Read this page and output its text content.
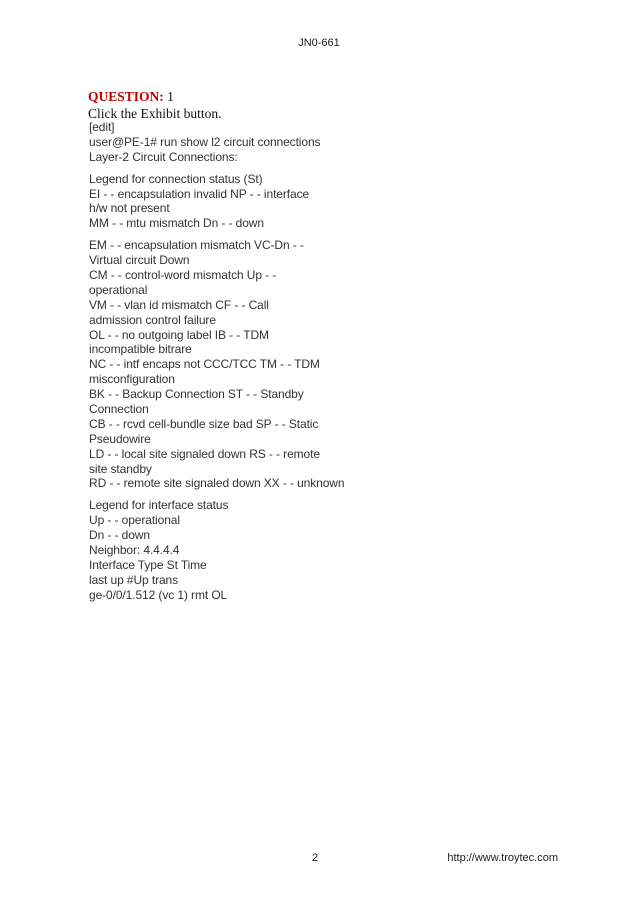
JN0-661
QUESTION: 1
Click the Exhibit button.
[edit]
user@PE-1# run show l2 circuit connections
Layer-2 Circuit Connections:
Legend for connection status (St)
EI - - encapsulation invalid NP - - interface
h/w not present
MM - - mtu mismatch Dn - - down
EM - - encapsulation mismatch VC-Dn - -
Virtual circuit Down
CM - - control-word mismatch Up - -
operational
VM - - vlan id mismatch CF - - Call
admission control failure
OL - - no outgoing label IB - - TDM
incompatible bitrare
NC - - intf encaps not CCC/TCC TM - - TDM
misconfiguration
BK - - Backup Connection ST - - Standby
Connection
CB - - rcvd cell-bundle size bad SP - - Static
Pseudowire
LD - - local site signaled down RS - - remote
site standby
RD - - remote site signaled down XX - - unknown
Legend for interface status
Up - - operational
Dn - - down
Neighbor: 4.4.4.4
Interface Type St Time
last up #Up trans
ge-0/0/1.512 (vc 1) rmt OL
2	http://www.troytec.com
